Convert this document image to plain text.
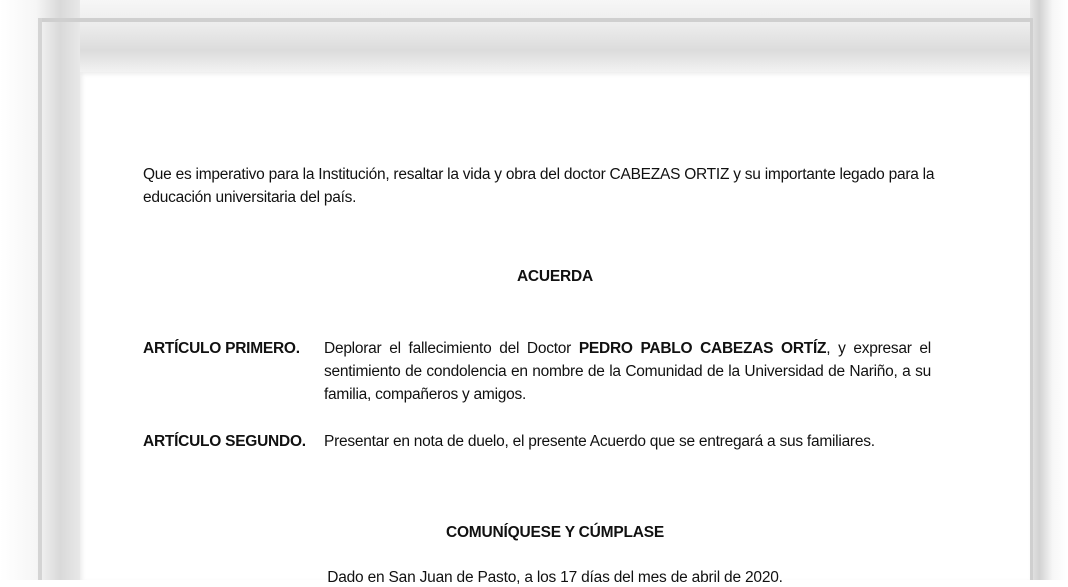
Que es imperativo para la Institución, resaltar la vida y obra del doctor CABEZAS ORTIZ y su importante legado para la educación universitaria del país.
ACUERDA
ARTÍCULO PRIMERO. Deplorar el fallecimiento del Doctor PEDRO PABLO CABEZAS ORTÍZ, y expresar el sentimiento de condolencia en nombre de la Comunidad de la Universidad de Nariño, a su familia, compañeros y amigos.
ARTÍCULO SEGUNDO. Presentar en nota de duelo, el presente Acuerdo que se entregará a sus familiares.
COMUNÍQUESE Y CÚMPLASE
Dado en San Juan de Pasto, a los 17 días del mes de abril de 2020.
